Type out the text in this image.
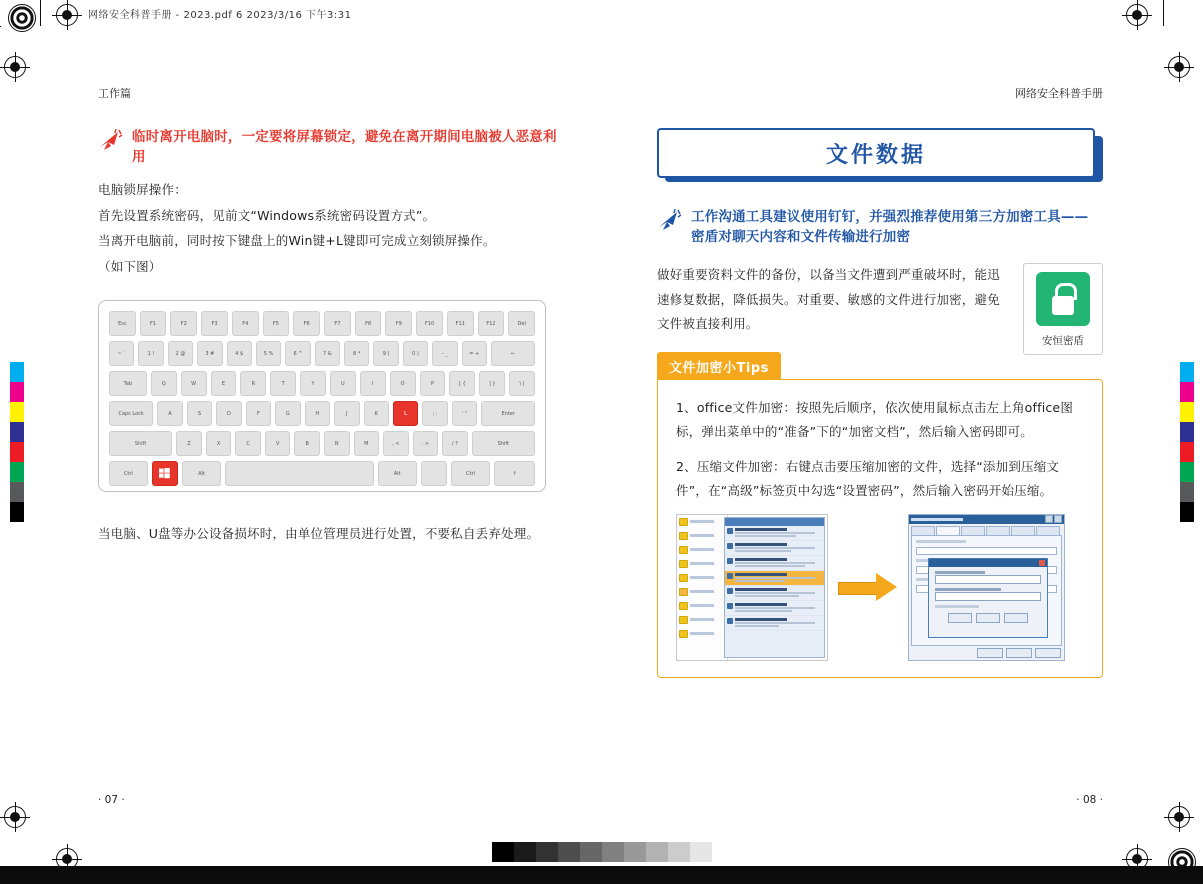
网络安全科普手册 - 2023.pdf 6 2023/3/16 下午3:31
工作篇	网络安全科普手册
临时离开电脑时，一定要将屏幕锁定，避免在离开期间电脑被人恶意利用
电脑锁屏操作：
首先设置系统密码，见前文“Windows系统密码设置方式”。
当离开电脑前，同时按下键盘上的Win键+L键即可完成立刻锁屏操作。
（如下图）
Esc	F1	F2	F3	F4	F5	F6	F7	F8	F9	F10	F11	F12	Del
~ `	1 !	2 @	3 #	4 $	5 %	6 ^	7 &	8 *	9 (	0 )	- _	= +	←
Tab	Q	W	E	R	T	Y	U	I	O	P	[ {	] }	\ |
Caps Lock	A	S	D	F	G	H	J	K	L	; :	' "	Enter
Shift	Z	X	C	V	B	N	M	, <	. >	/ ?	Shift
Ctrl	Alt	Alt	Ctrl	↑
当电脑、U盘等办公设备损坏时，由单位管理员进行处置，不要私自丢弃处理。
文件数据
工作沟通工具建议使用钉钉，并强烈推荐使用第三方加密工具——密盾对聊天内容和文件传输进行加密
做好重要资料文件的备份，以备当文件遭到严重破坏时，能迅速修复数据，降低损失。对重要、敏感的文件进行加密，避免文件被直接利用。
安恒密盾
文件加密小Tips
1、office文件加密：按照先后顺序，依次使用鼠标点击左上角office图标，弹出菜单中的“准备”下的“加密文档”，然后输入密码即可。
2、压缩文件加密：右键点击要压缩加密的文件，选择“添加到压缩文件”，在“高级”标签页中勾选“设置密码”，然后输入密码开始压缩。
· 07 ·	· 08 ·
